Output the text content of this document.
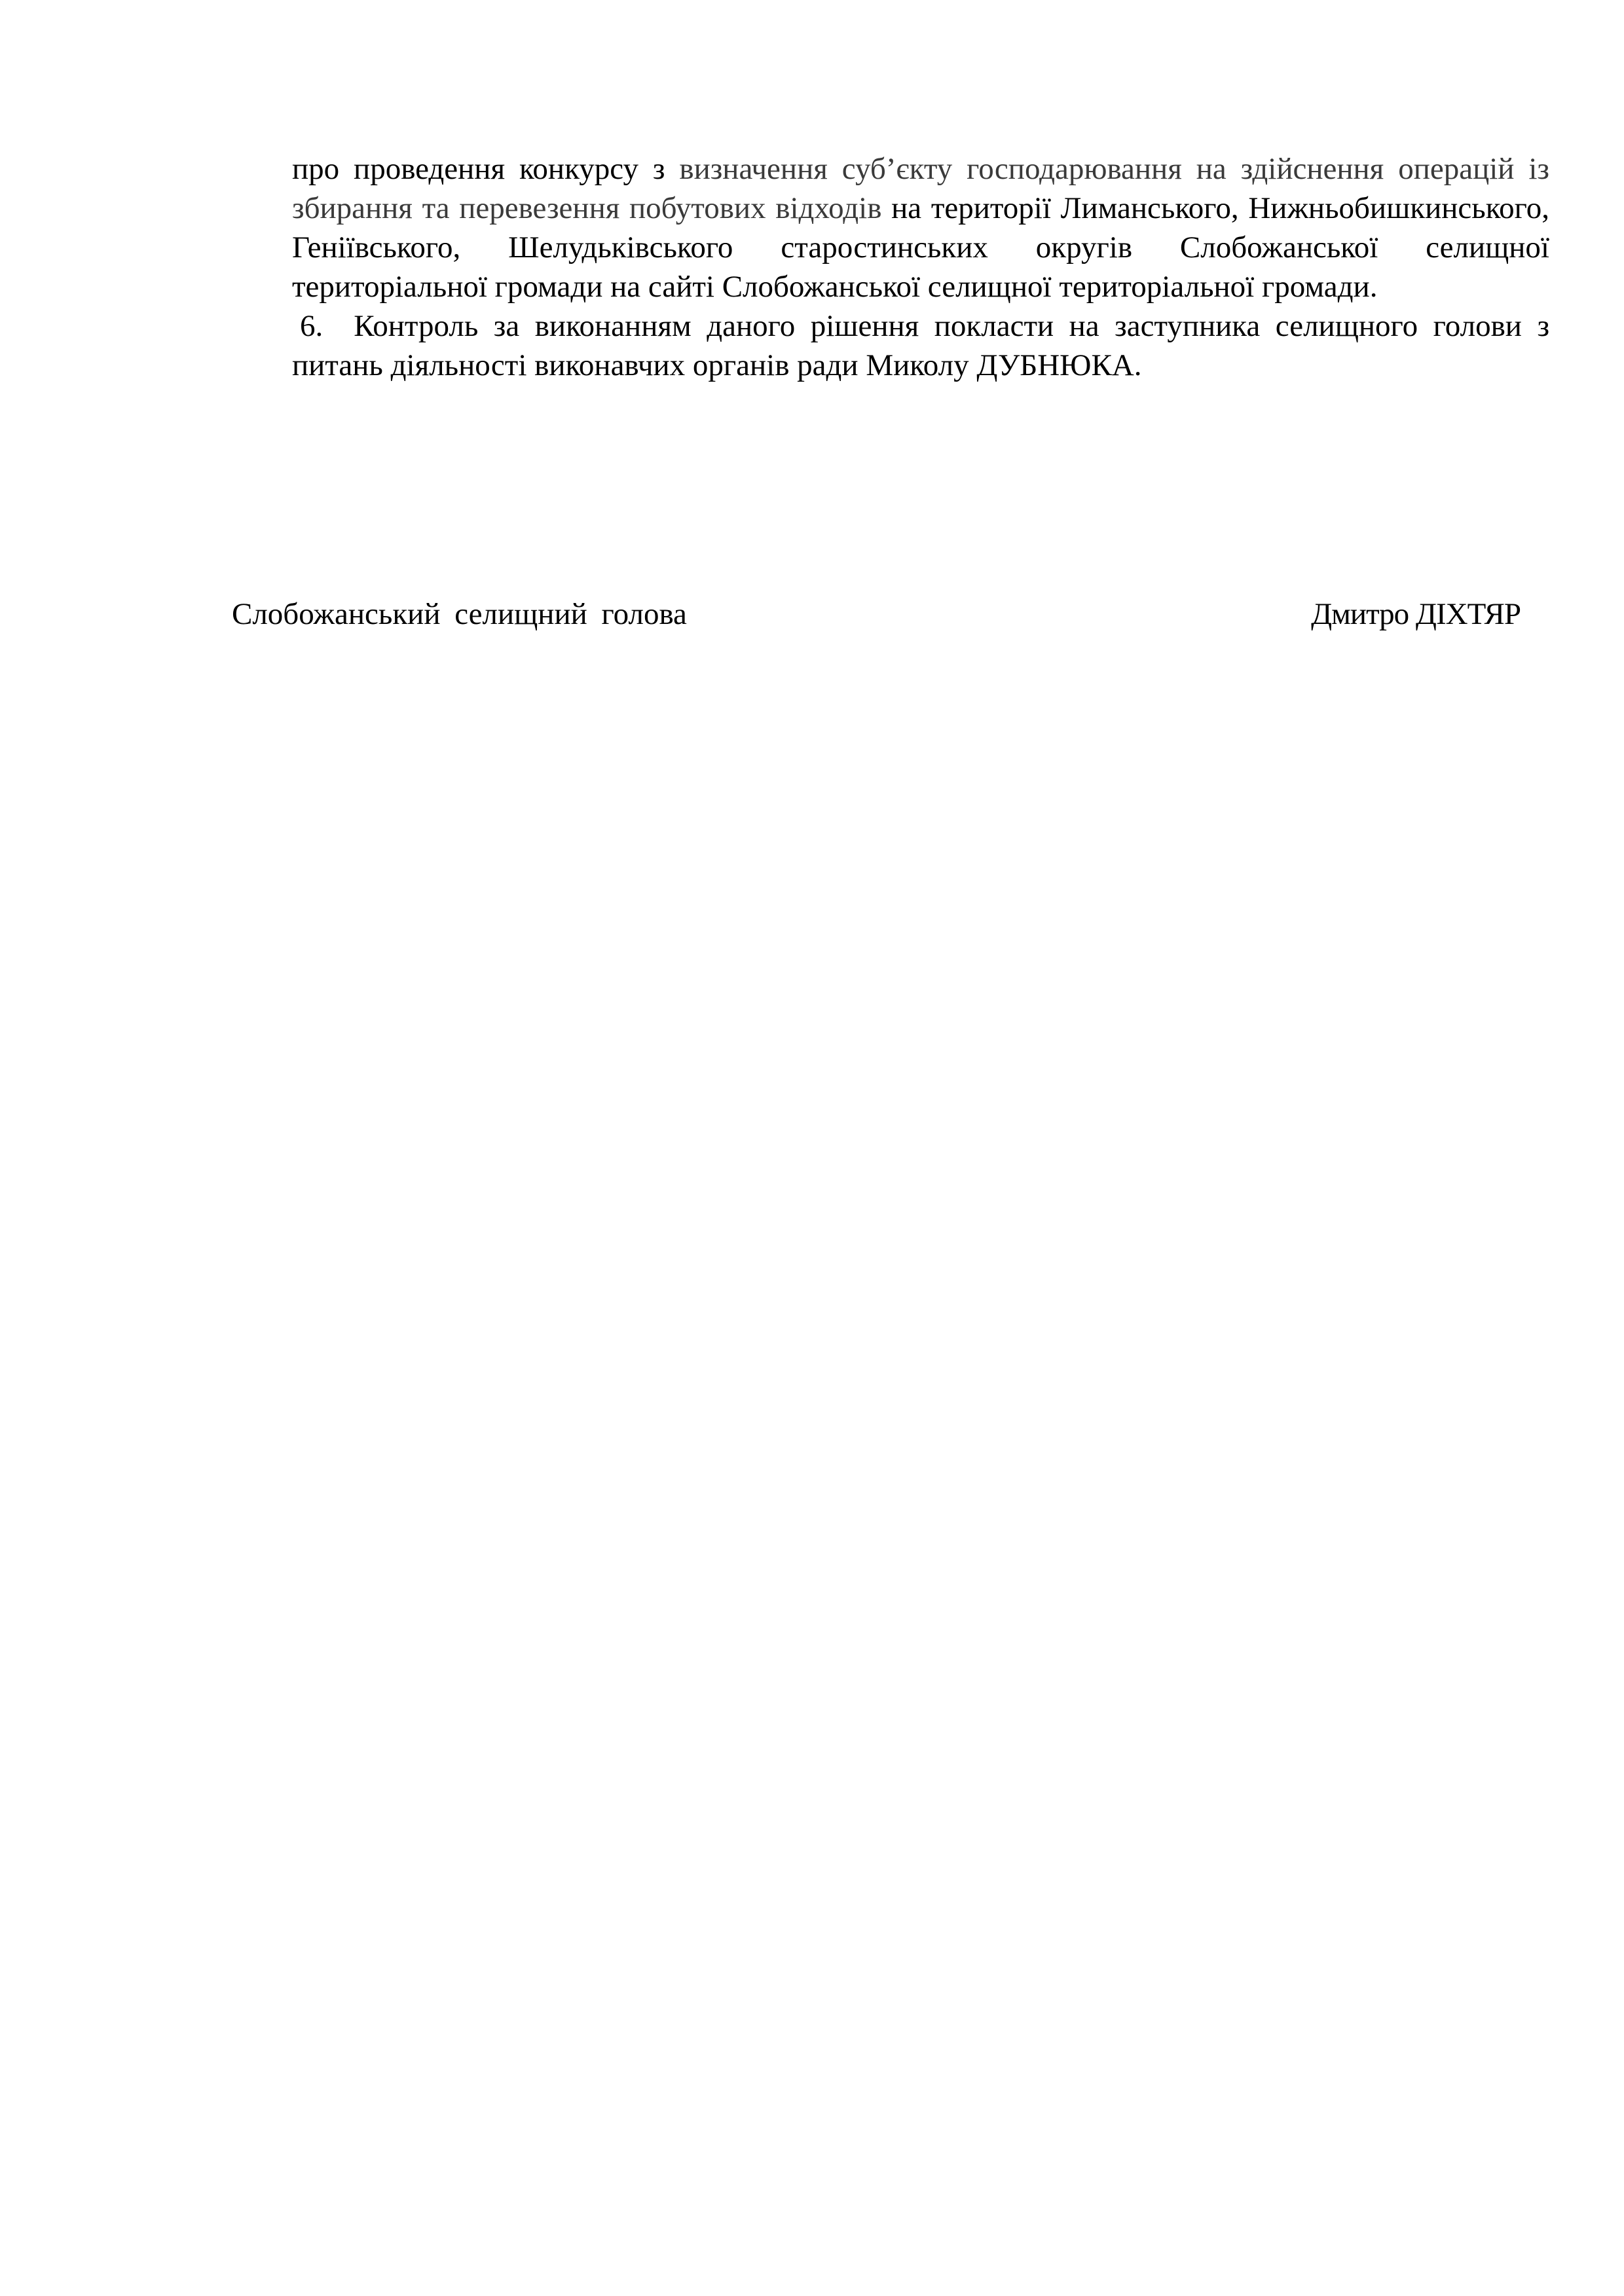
про проведення конкурсу з визначення суб’єкту господарювання на здійснення операцій із збирання та перевезення побутових відходів на території Лиманського, Нижньобишкинського, Геніївського, Шелудьківського старостинських округів Слобожанської селищної територіальної громади на сайті Слобожанської селищної територіальної громади.

6. Контроль за виконанням даного рішення покласти на заступника селищного голови з питань діяльності виконавчих органів ради Миколу ДУБНЮКА.

Слобожанський селищний голова	Дмитро ДІХТЯР
